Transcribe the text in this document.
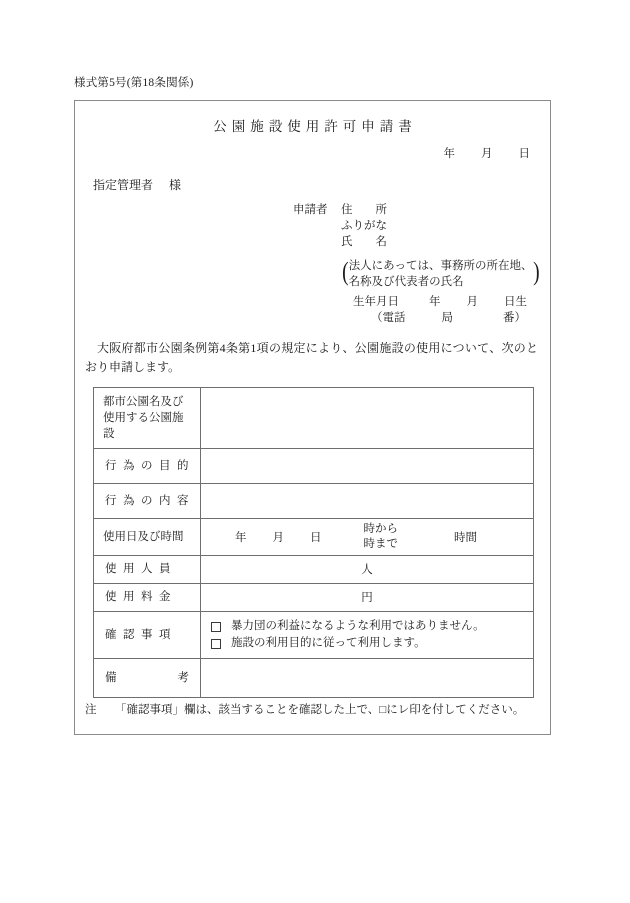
様式第5号(第18条関係)
公園施設使用許可申請書
年 月 日
指定管理者 様
申請者	住　　所
ふりがな
氏　　名
( 法人にあっては、事務所の所在地、
名称及び代表者の氏名	)
生年月日	年 月 日生
（電話	局	番）
大阪府都市公園条例第4条第1項の規定により、公園施設の使用について、次のとおり申請します。
都市公園名及び使用する公園施設	

行為の目的	

行為の内容	

使用日及び時間	年 月 日
時から
時まで 時間

使用人員	人

使用料金	円

確認事項	暴力団の利益になるような利用ではありません。
施設の利用目的に従って利用します。

備 考	

注 「確認事項」欄は、該当することを確認した上で、□にレ印を付してください。
